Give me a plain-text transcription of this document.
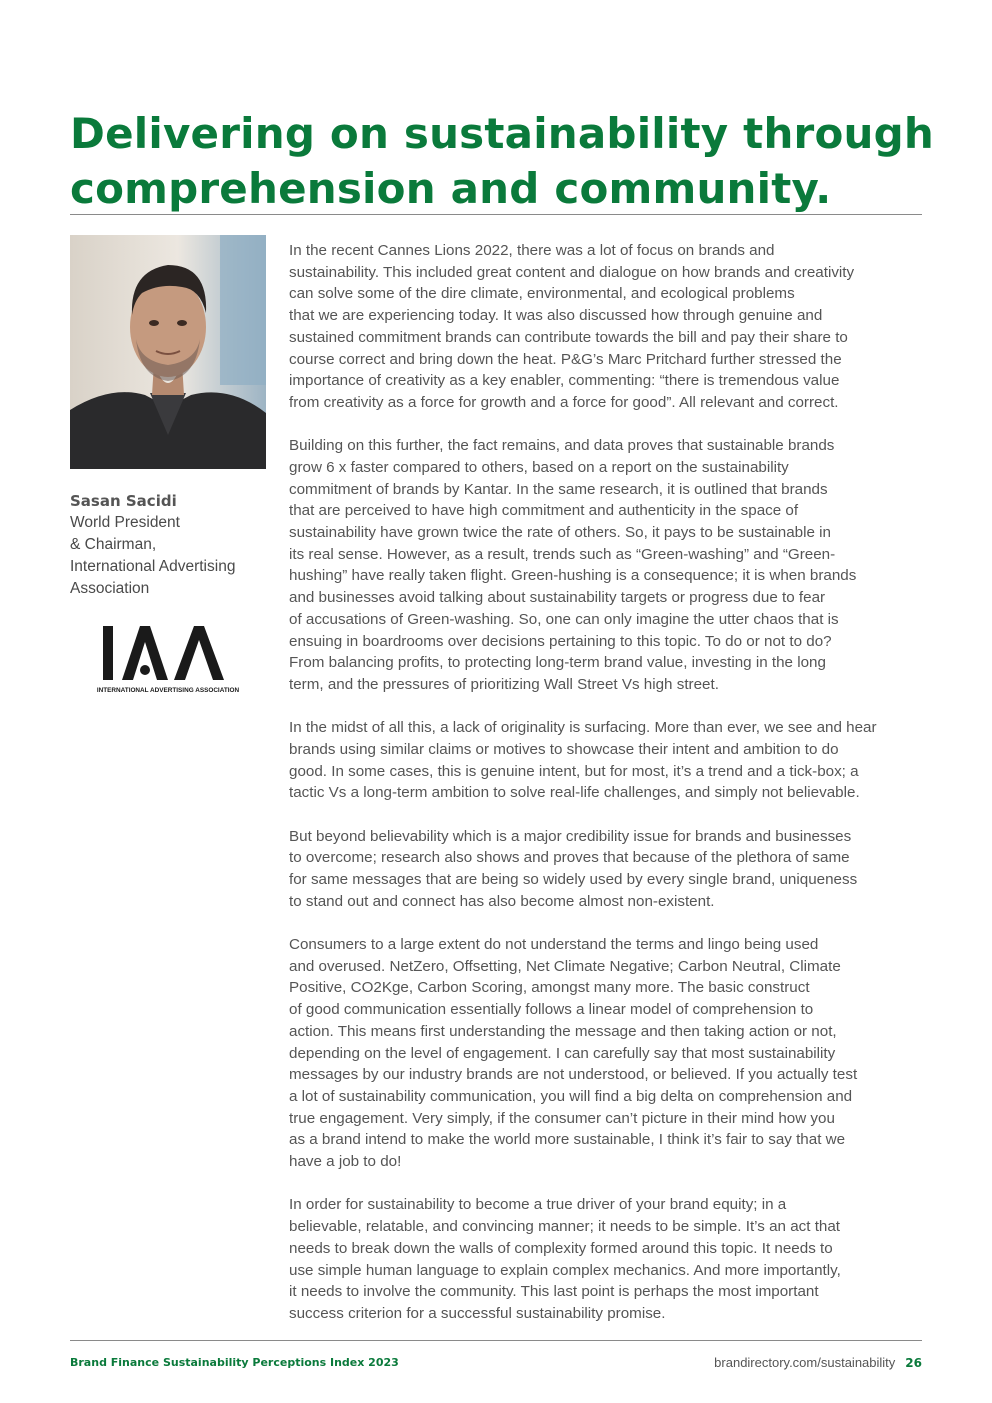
Delivering on sustainability through
comprehension and community.
Sasan Sacidi
World President
& Chairman,
International Advertising
Association
INTERNATIONAL ADVERTISING ASSOCIATION

In the recent Cannes Lions 2022, there was a lot of focus on brands and
sustainability. This included great content and dialogue on how brands and creativity
can solve some of the dire climate, environmental, and ecological problems
that we are experiencing today. It was also discussed how through genuine and
sustained commitment brands can contribute towards the bill and pay their share to
course correct and bring down the heat. P&G’s Marc Pritchard further stressed the
importance of creativity as a key enabler, commenting: “there is tremendous value
from creativity as a force for growth and a force for good”. All relevant and correct.

Building on this further, the fact remains, and data proves that sustainable brands
grow 6 x faster compared to others, based on a report on the sustainability
commitment of brands by Kantar. In the same research, it is outlined that brands
that are perceived to have high commitment and authenticity in the space of
sustainability have grown twice the rate of others. So, it pays to be sustainable in
its real sense. However, as a result, trends such as “Green-washing” and “Green-
hushing” have really taken flight. Green-hushing is a consequence; it is when brands
and businesses avoid talking about sustainability targets or progress due to fear
of accusations of Green-washing. So, one can only imagine the utter chaos that is
ensuing in boardrooms over decisions pertaining to this topic. To do or not to do?
From balancing profits, to protecting long-term brand value, investing in the long
term, and the pressures of prioritizing Wall Street Vs high street.

In the midst of all this, a lack of originality is surfacing. More than ever, we see and hear
brands using similar claims or motives to showcase their intent and ambition to do
good. In some cases, this is genuine intent, but for most, it’s a trend and a tick-box; a
tactic Vs a long-term ambition to solve real-life challenges, and simply not believable.

But beyond believability which is a major credibility issue for brands and businesses
to overcome; research also shows and proves that because of the plethora of same
for same messages that are being so widely used by every single brand, uniqueness
to stand out and connect has also become almost non-existent.

Consumers to a large extent do not understand the terms and lingo being used
and overused. NetZero, Offsetting, Net Climate Negative; Carbon Neutral, Climate
Positive, CO2Kge, Carbon Scoring, amongst many more. The basic construct
of good communication essentially follows a linear model of comprehension to
action. This means first understanding the message and then taking action or not,
depending on the level of engagement. I can carefully say that most sustainability
messages by our industry brands are not understood, or believed. If you actually test
a lot of sustainability communication, you will find a big delta on comprehension and
true engagement. Very simply, if the consumer can’t picture in their mind how you
as a brand intend to make the world more sustainable, I think it’s fair to say that we
have a job to do!

In order for sustainability to become a true driver of your brand equity; in a
believable, relatable, and convincing manner; it needs to be simple. It’s an act that
needs to break down the walls of complexity formed around this topic. It needs to
use simple human language to explain complex mechanics. And more importantly,
it needs to involve the community. This last point is perhaps the most important
success criterion for a successful sustainability promise.

Brand Finance Sustainability Perceptions Index 2023	brandirectory.com/sustainability 26
